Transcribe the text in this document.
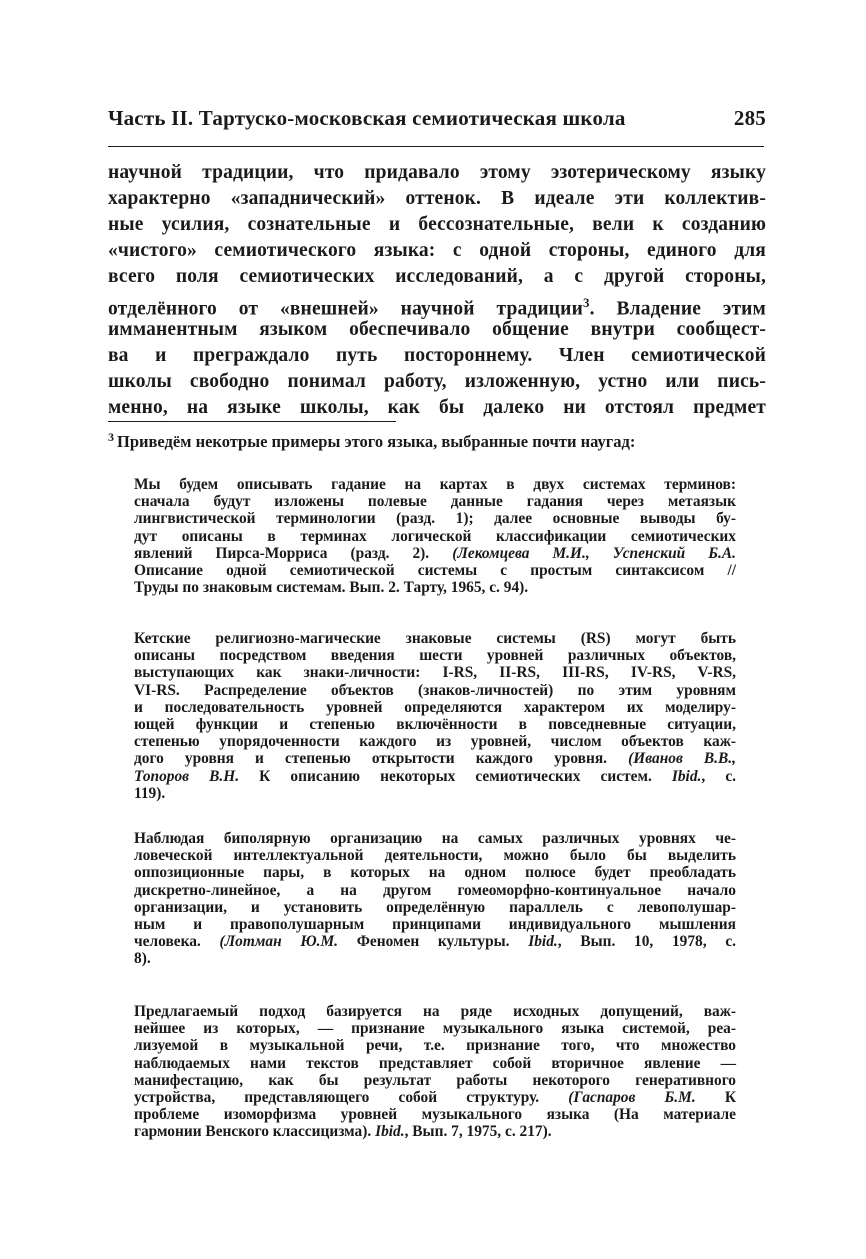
Часть II. Тартуско-московская семиотическая школа	285
научной традиции, что придавало этому эзотерическому языку
характерно «западнический» оттенок. В идеале эти коллектив-
ные усилия, сознательные и бессознательные, вели к созданию
«чистого» семиотического языка: с одной стороны, единого для
всего поля семиотических исследований, а с другой стороны,
отделённого от «внешней» научной традиции$^3$. Владение этим
имманентным языком обеспечивало общение внутри сообщест-
ва и преграждало путь постороннему. Член семиотической
школы свободно понимал работу, изложенную, устно или пись-
менно, на языке школы, как бы далеко ни отстоял предмет
$^3$ Приведём некотрые примеры этого языка, выбранные почти наугад:
Мы будем описывать гадание на картах в двух системах терминов:
сначала будут изложены полевые данные гадания через метаязык
лингвистической терминологии (разд. 1); далее основные выводы бу-
дут описаны в терминах логической классификации семиотических
явлений Пирса-Морриса (разд. 2). (Лекомцева М.И., Успенский Б.А.
Описание одной семиотической системы с простым синтаксисом //
Труды по знаковым системам. Вып. 2. Тарту, 1965, с. 94).
Кетские религиозно-магические знаковые системы (RS) могут быть
описаны посредством введения шести уровней различных объектов,
выступающих как знаки-личности: I-RS, II-RS, III-RS, IV-RS, V-RS,
VI-RS. Распределение объектов (знаков-личностей) по этим уровням
и последовательность уровней определяются характером их моделиру-
ющей функции и степенью включённости в повседневные ситуации,
степенью упорядоченности каждого из уровней, числом объектов каж-
дого уровня и степенью открытости каждого уровня. (Иванов В.В.,
Топоров В.Н. К описанию некоторых семиотических систем. Ibid., с.
119).
Наблюдая биполярную организацию на самых различных уровнях че-
ловеческой интеллектуальной деятельности, можно было бы выделить
оппозиционные пары, в которых на одном полюсе будет преобладать
дискретно-линейное, а на другом гомеоморфно-континуальное начало
организации, и установить определённую параллель с левополушар-
ным и правополушарным принципами индивидуального мышления
человека. (Лотман Ю.М. Феномен культуры. Ibid., Вып. 10, 1978, с.
8).
Предлагаемый подход базируется на ряде исходных допущений, важ-
нейшее из которых, — признание музыкального языка системой, реа-
лизуемой в музыкальной речи, т.е. признание того, что множество
наблюдаемых нами текстов представляет собой вторичное явление —
манифестацию, как бы результат работы некоторого генеративного
устройства, представляющего собой структуру. (Гаспаров Б.М. К
проблеме изоморфизма уровней музыкального языка (На материале
гармонии Венского классицизма). Ibid., Вып. 7, 1975, с. 217).
